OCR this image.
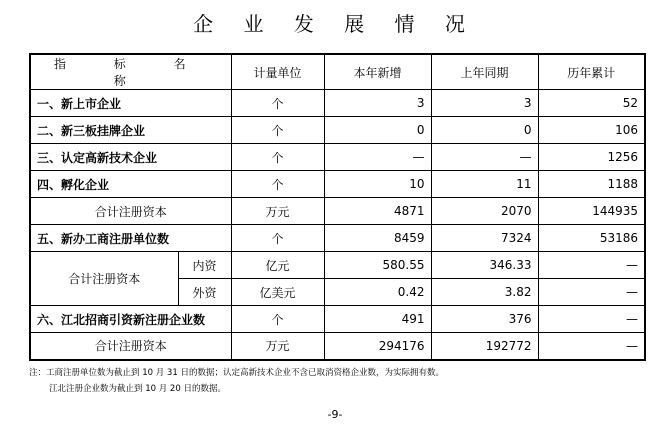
企 业 发 展 情 况
指 标 名 称		计量单位	本年新增	上年同期	历年累计
一、新上市企业		个	3	3	52
二、新三板挂牌企业		个	0	0	106
三、认定高新技术企业		个	—	—	1256
四、孵化企业		个	10	11	1188
合计注册资本		万元	4871	2070	144935
五、新办工商注册单位数		个	8459	7324	53186
合计注册资本	内资	亿元	580.55	346.33	—
	外资	亿美元	0.42	3.82	—
六、江北招商引资新注册企业数		个	491	376	—
合计注册资本		万元	294176	192772	—
注：工商注册单位数为截止到 10 月 31 日的数据；认定高新技术企业不含已取消资格企业数，为实际拥有数。
江北注册企业数为截止到 10 月 20 日的数据。
-9-
